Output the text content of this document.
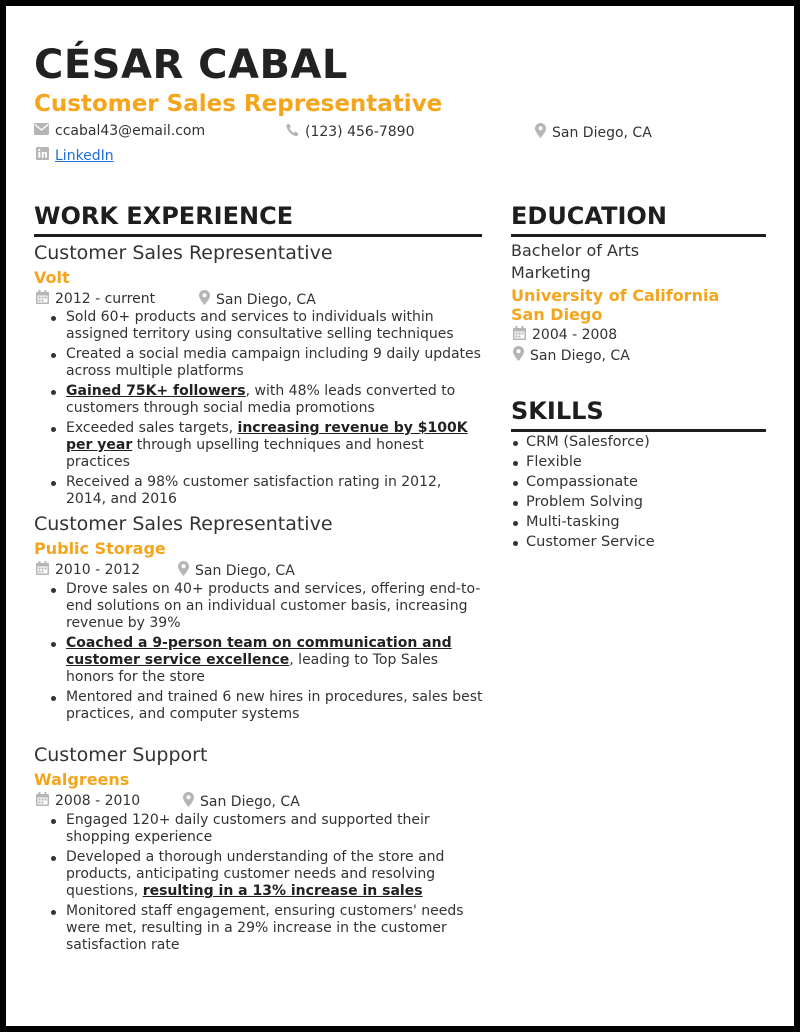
CÉSAR CABAL
Customer Sales Representative
ccabal43@email.com	(123) 456-7890	San Diego, CA
LinkedIn
WORK EXPERIENCE
Customer Sales Representative
Volt
2012 - current	San Diego, CA
Sold 60+ products and services to individuals within assigned territory using consultative selling techniques
Created a social media campaign including 9 daily updates across multiple platforms
Gained 75K+ followers, with 48% leads converted to customers through social media promotions
Exceeded sales targets, increasing revenue by $100K per year through upselling techniques and honest practices
Received a 98% customer satisfaction rating in 2012, 2014, and 2016
Customer Sales Representative
Public Storage
2010 - 2012	San Diego, CA
Drove sales on 40+ products and services, offering end-to-end solutions on an individual customer basis, increasing revenue by 39%
Coached a 9-person team on communication and customer service excellence, leading to Top Sales honors for the store
Mentored and trained 6 new hires in procedures, sales best practices, and computer systems
Customer Support
Walgreens
2008 - 2010	San Diego, CA
Engaged 120+ daily customers and supported their shopping experience
Developed a thorough understanding of the store and products, anticipating customer needs and resolving questions, resulting in a 13% increase in sales
Monitored staff engagement, ensuring customers' needs were met, resulting in a 29% increase in the customer satisfaction rate
EDUCATION
Bachelor of Arts
Marketing
University of California San Diego
2004 - 2008
San Diego, CA
SKILLS
CRM (Salesforce)
Flexible
Compassionate
Problem Solving
Multi-tasking
Customer Service
